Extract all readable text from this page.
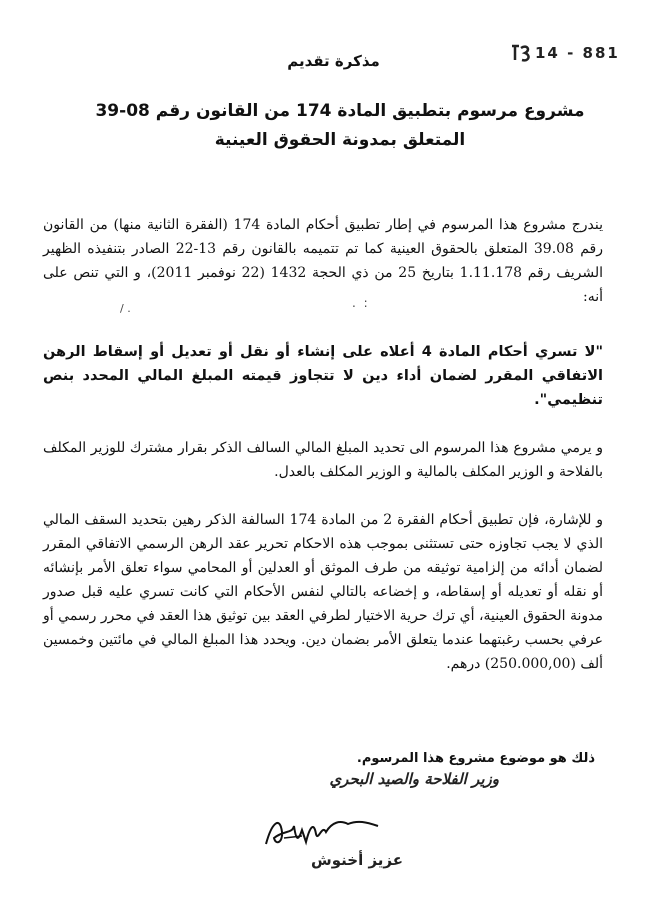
14 - 881
مذكرة تقديم
مشروع مرسوم بتطبيق المادة 174 من القانون رقم 08-39
المتعلق بمدونة الحقوق العينية
يندرج مشروع هذا المرسوم في إطار تطبيق أحكام المادة 174 (الفقرة الثانية منها) من القانون رقم 39.08 المتعلق بالحقوق العينية كما تم تتميمه بالقانون رقم 13-22 الصادر بتنفيذه الظهير الشريف رقم 1.11.178 بتاريخ 25 من ذي الحجة 1432 (22 نوفمبر 2011)، و التي تنص على أنه:
. :
/ .
"لا تسري أحكام المادة 4 أعلاه على إنشاء أو نقل أو تعديل أو إسقاط الرهن الاتفاقي المقرر لضمان أداء دين لا تتجاوز قيمته المبلغ المالي المحدد بنص تنظيمي".
و يرمي مشروع هذا المرسوم الى تحديد المبلغ المالي السالف الذكر بقرار مشترك للوزير المكلف بالفلاحة و الوزير المكلف بالمالية و الوزير المكلف بالعدل.
و للإشارة، فإن تطبيق أحكام الفقرة 2 من المادة 174 السالفة الذكر رهين بتحديد السقف المالي الذي لا يجب تجاوزه حتى تستثنى بموجب هذه الاحكام تحرير عقد الرهن الرسمي الاتفاقي المقرر لضمان أدائه من إلزامية توثيقه من طرف الموثق أو العدلين أو المحامي سواء تعلق الأمر بإنشائه أو نقله أو تعديله أو إسقاطه، و إخضاعه بالتالي لنفس الأحكام التي كانت تسري عليه قبل صدور مدونة الحقوق العينية، أي ترك حرية الاختيار لطرفي العقد بين توثيق هذا العقد في محرر رسمي أو عرفي بحسب رغبتهما عندما يتعلق الأمر بضمان دين. ويحدد هذا المبلغ المالي في مائتين وخمسين ألف (250.000,00) درهم.
ذلك هو موضوع مشروع هذا المرسوم.
وزير الفلاحة والصيد البحري
عزيز أخنوش
